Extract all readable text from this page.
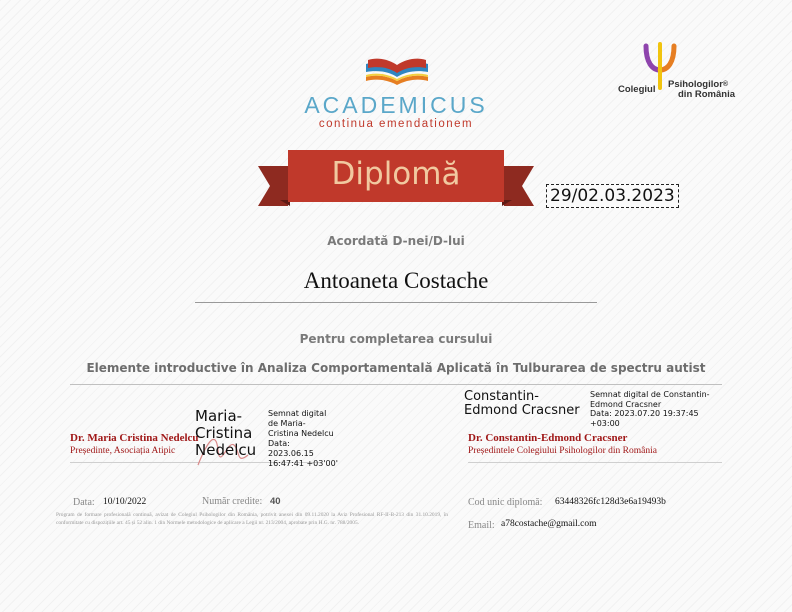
ACADEMICUS
continua emendationem
Colegiul Psihologilor®
din România
Diplomă
29/02.03.2023
Acordată D-nei/D-lui
Antoaneta Costache
Pentru completarea cursului
Elemente introductive în Analiza Comportamentală Aplicată în Tulburarea de spectru autist
Dr. Maria Cristina Nedelcu
Președinte, Asociația Atipic
Maria-
Cristina
Nedelcu
Semnat digital
de Maria-
Cristina Nedelcu
Data:
2023.06.15
16:47:41 +03'00'
Constantin-
Edmond Cracsner
Semnat digital de Constantin-
Edmond Cracsner
Data: 2023.07.20 19:37:45
+03:00
Dr. Constantin-Edmond Cracsner
Președintele Colegiului Psihologilor din România
Data: 10/10/2022	Număr credite: 40	Cod unic diplomă: 63448326fc128d3e6a19493b
Email: a78costache@gmail.com
Program de formare profesională continuă, avizat de Colegiul Psihologilor din România, potrivit anexei din 09.11.2020 la Aviz Profesional RF-II-B-213 din 31.10.2019, în conformitate cu dispozițiile art. 45 și 52 alin. 1 din Normele metodologice de aplicare a Legii nr. 213/2004, aprobate prin H.G. nr. 788/2005.
